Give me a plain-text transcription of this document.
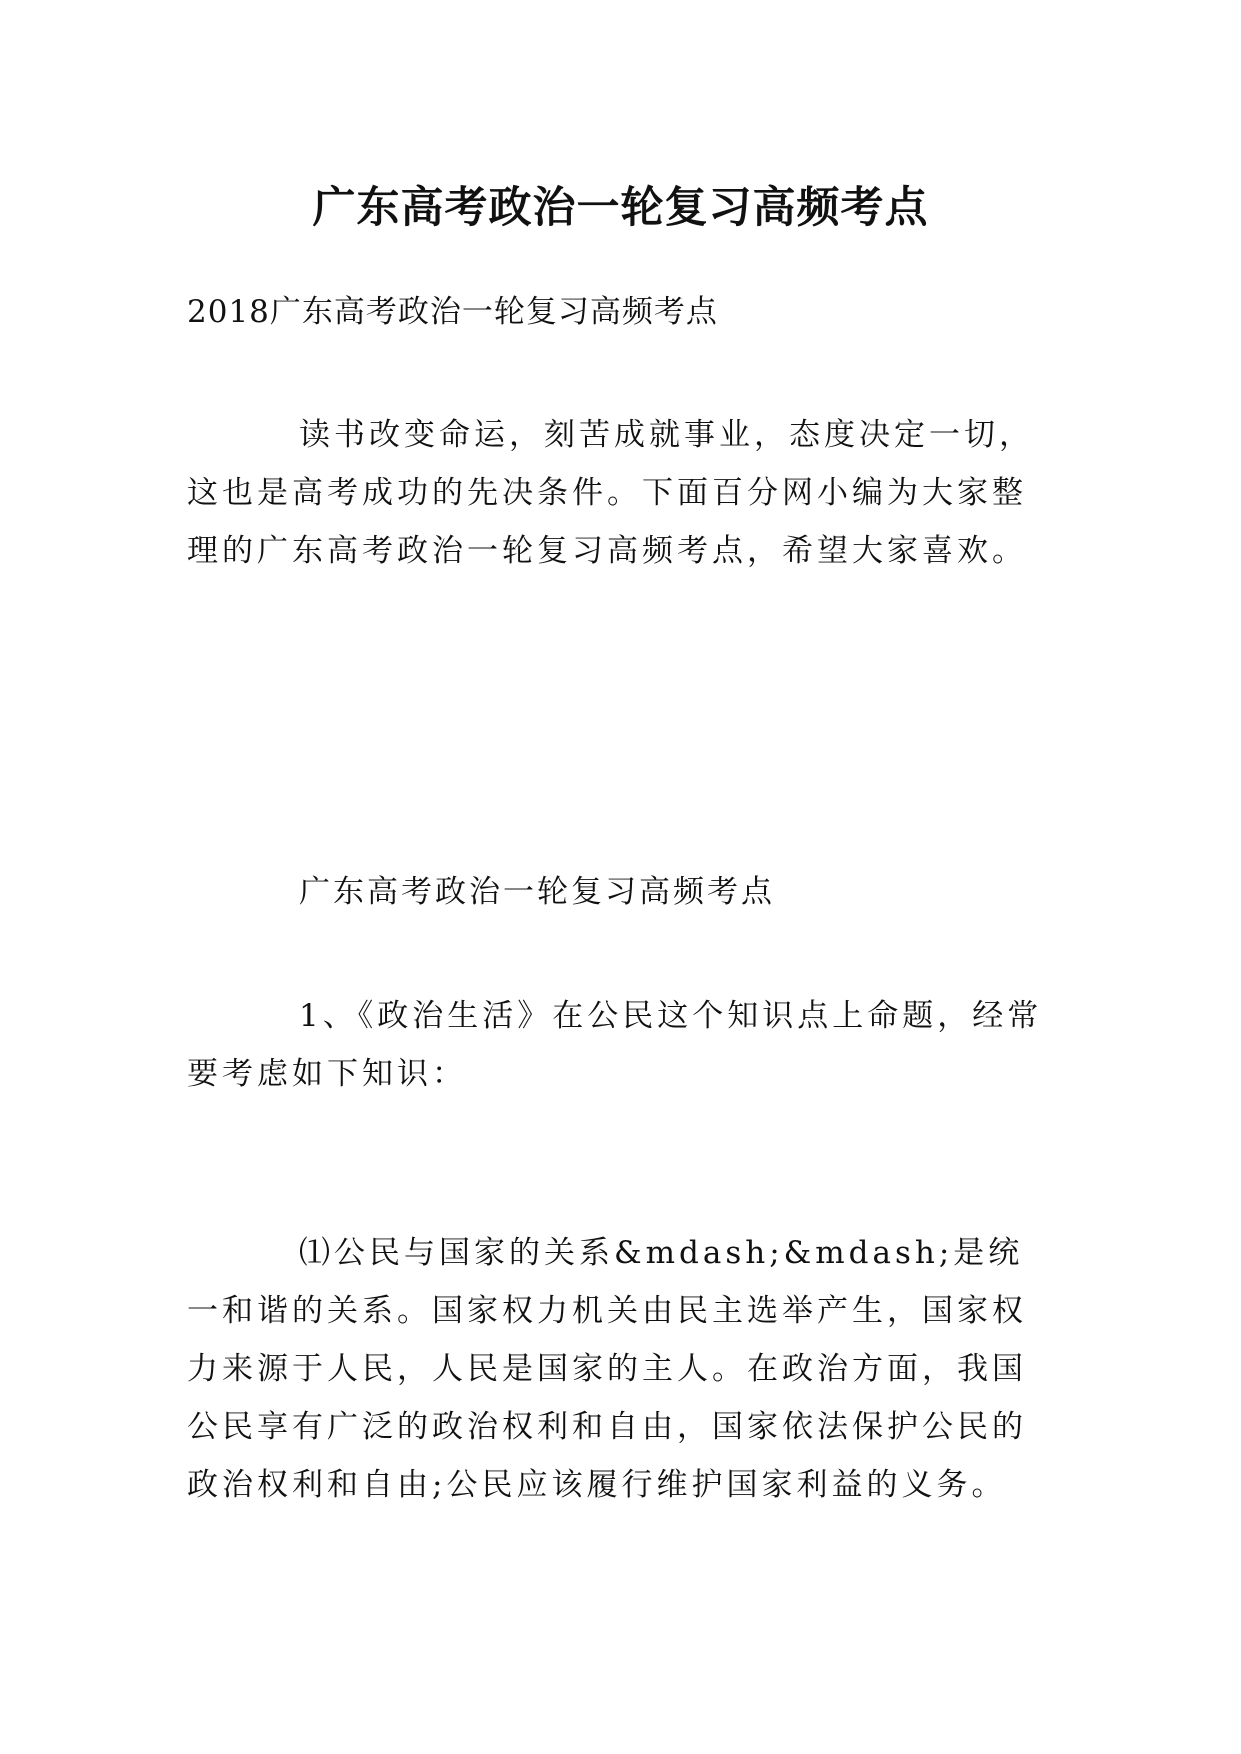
广东高考政治一轮复习高频考点
2018广东高考政治一轮复习高频考点

读书改变命运，刻苦成就事业，态度决定一切，这也是高考成功的先决条件。下面百分网小编为大家整理的广东高考政治一轮复习高频考点，希望大家喜欢。

广东高考政治一轮复习高频考点

1、《政治生活》在公民这个知识点上命题，经常要考虑如下知识：

⑴公民与国家的关系&mdash;&mdash;是统一和谐的关系。国家权力机关由民主选举产生，国家权力来源于人民，人民是国家的主人。在政治方面，我国公民享有广泛的政治权利和自由，国家依法保护公民的政治权利和自由;公民应该履行维护国家利益的义务。
